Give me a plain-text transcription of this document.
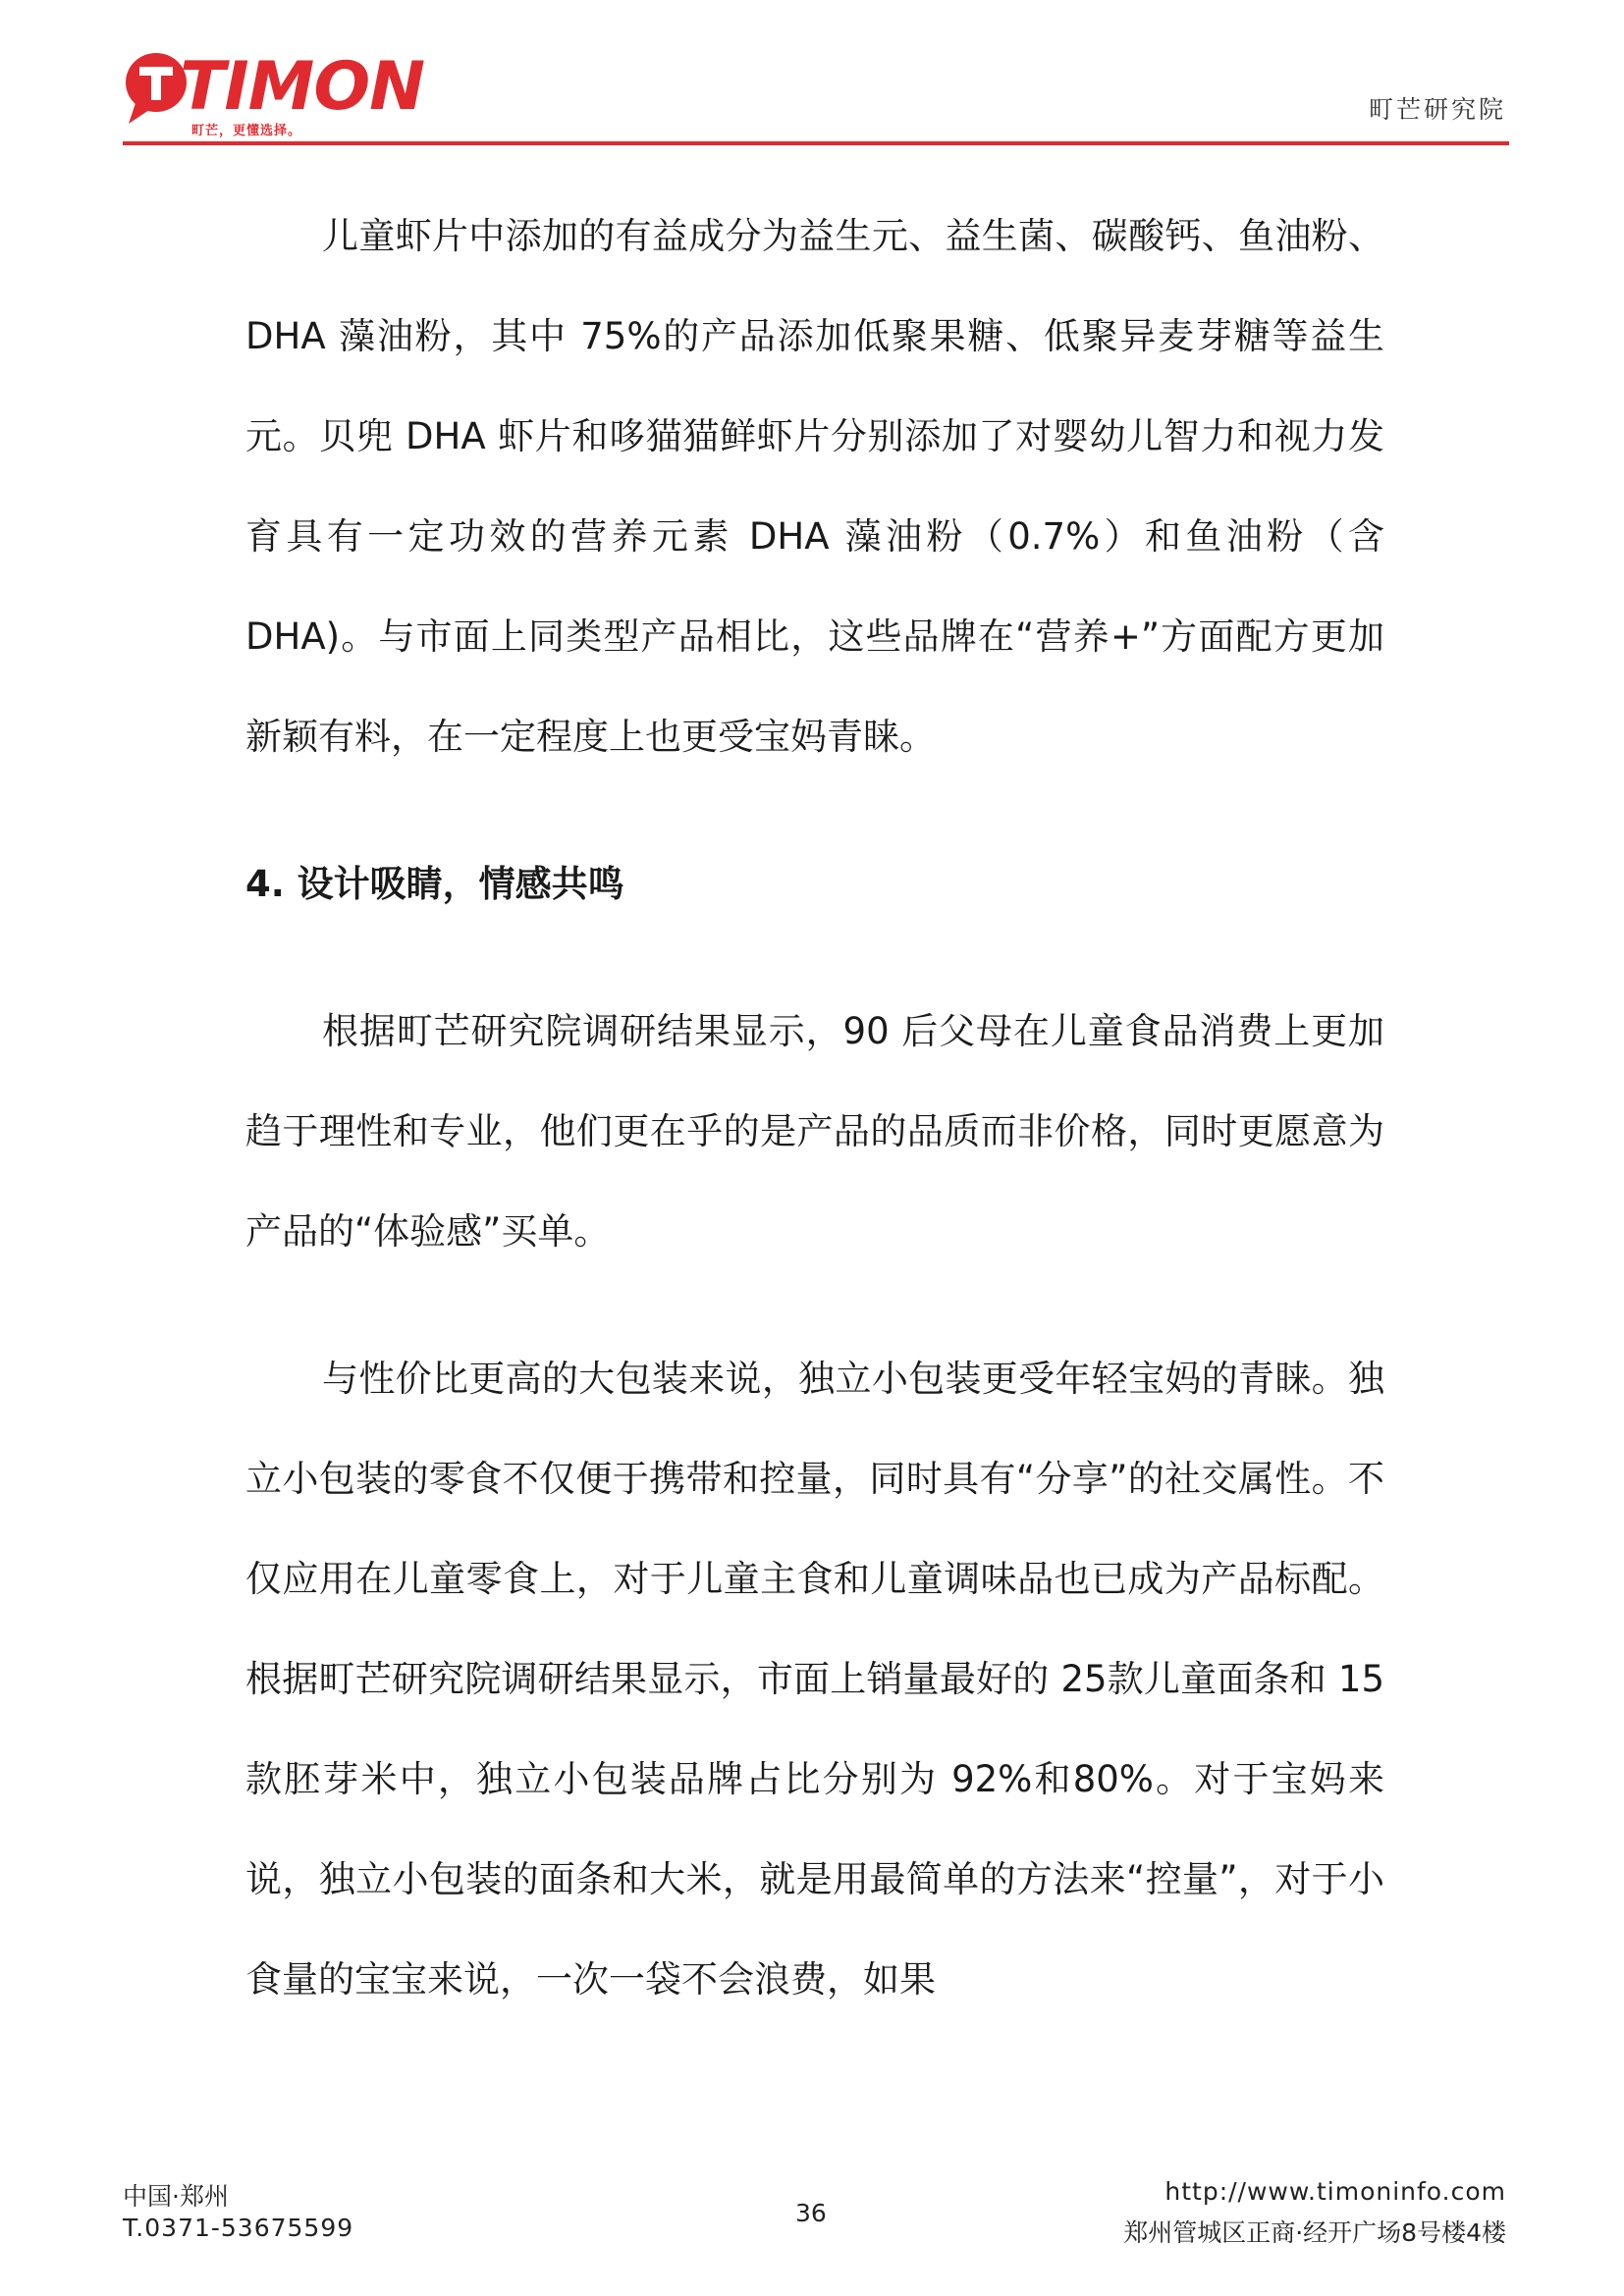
TIMON
町芒，更懂选择。
町芒研究院

儿童虾片中添加的有益成分为益生元、益生菌、碳酸钙、鱼油粉、DHA 藻油粉，其中 75%的产品添加低聚果糖、低聚异麦芽糖等益生元。贝兜 DHA 虾片和哆猫猫鲜虾片分别添加了对婴幼儿智力和视力发育具有一定功效的营养元素 DHA 藻油粉（0.7%）和鱼油粉（含DHA)。与市面上同类型产品相比，这些品牌在“营养+”方面配方更加新颖有料，在一定程度上也更受宝妈青睐。

4. 设计吸睛，情感共鸣

根据町芒研究院调研结果显示，90 后父母在儿童食品消费上更加趋于理性和专业，他们更在乎的是产品的品质而非价格，同时更愿意为产品的“体验感”买单。

与性价比更高的大包装来说，独立小包装更受年轻宝妈的青睐。独立小包装的零食不仅便于携带和控量，同时具有“分享”的社交属性。不仅应用在儿童零食上，对于儿童主食和儿童调味品也已成为产品标配。根据町芒研究院调研结果显示，市面上销量最好的 25款儿童面条和 15 款胚芽米中，独立小包装品牌占比分别为 92%和80%。对于宝妈来说，独立小包装的面条和大米，就是用最简单的方法来“控量”，对于小食量的宝宝来说，一次一袋不会浪费，如果

中国·郑州
T.0371-53675599
36
http://www.timoninfo.com
郑州管城区正商·经开广场8号楼4楼
